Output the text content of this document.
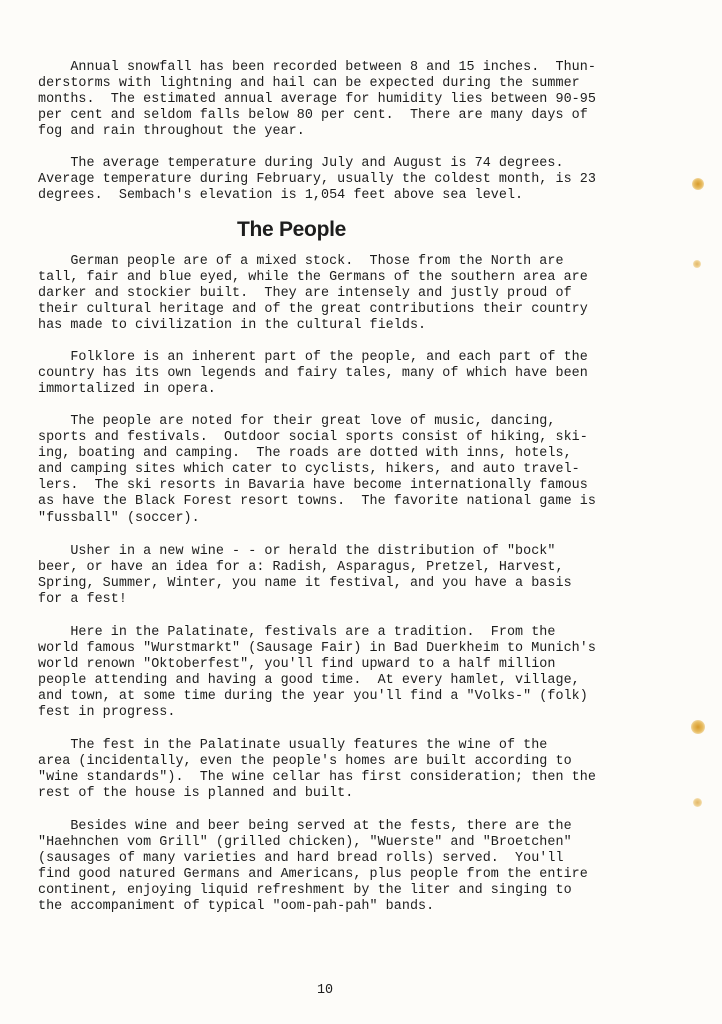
Annual snowfall has been recorded between 8 and 15 inches.  Thun-
derstorms with lightning and hail can be expected during the summer
months.  The estimated annual average for humidity lies between 90-95
per cent and seldom falls below 80 per cent.  There are many days of
fog and rain throughout the year.

The average temperature during July and August is 74 degrees.
Average temperature during February, usually the coldest month, is 23
degrees.  Sembach's elevation is 1,054 feet above sea level.

The People

German people are of a mixed stock.  Those from the North are
tall, fair and blue eyed, while the Germans of the southern area are
darker and stockier built.  They are intensely and justly proud of
their cultural heritage and of the great contributions their country
has made to civilization in the cultural fields.

Folklore is an inherent part of the people, and each part of the
country has its own legends and fairy tales, many of which have been
immortalized in opera.

The people are noted for their great love of music, dancing,
sports and festivals.  Outdoor social sports consist of hiking, ski-
ing, boating and camping.  The roads are dotted with inns, hotels,
and camping sites which cater to cyclists, hikers, and auto travel-
lers.  The ski resorts in Bavaria have become internationally famous
as have the Black Forest resort towns.  The favorite national game is
"fussball" (soccer).

Usher in a new wine - - or herald the distribution of "bock"
beer, or have an idea for a: Radish, Asparagus, Pretzel, Harvest,
Spring, Summer, Winter, you name it festival, and you have a basis
for a fest!

Here in the Palatinate, festivals are a tradition.  From the
world famous "Wurstmarkt" (Sausage Fair) in Bad Duerkheim to Munich's
world renown "Oktoberfest", you'll find upward to a half million
people attending and having a good time.  At every hamlet, village,
and town, at some time during the year you'll find a "Volks-" (folk)
fest in progress.

The fest in the Palatinate usually features the wine of the
area (incidentally, even the people's homes are built according to
"wine standards").  The wine cellar has first consideration; then the
rest of the house is planned and built.

Besides wine and beer being served at the fests, there are the
"Haehnchen vom Grill" (grilled chicken), "Wuerste" and "Broetchen"
(sausages of many varieties and hard bread rolls) served.  You'll
find good natured Germans and Americans, plus people from the entire
continent, enjoying liquid refreshment by the liter and singing to
the accompaniment of typical "oom-pah-pah" bands.

10
